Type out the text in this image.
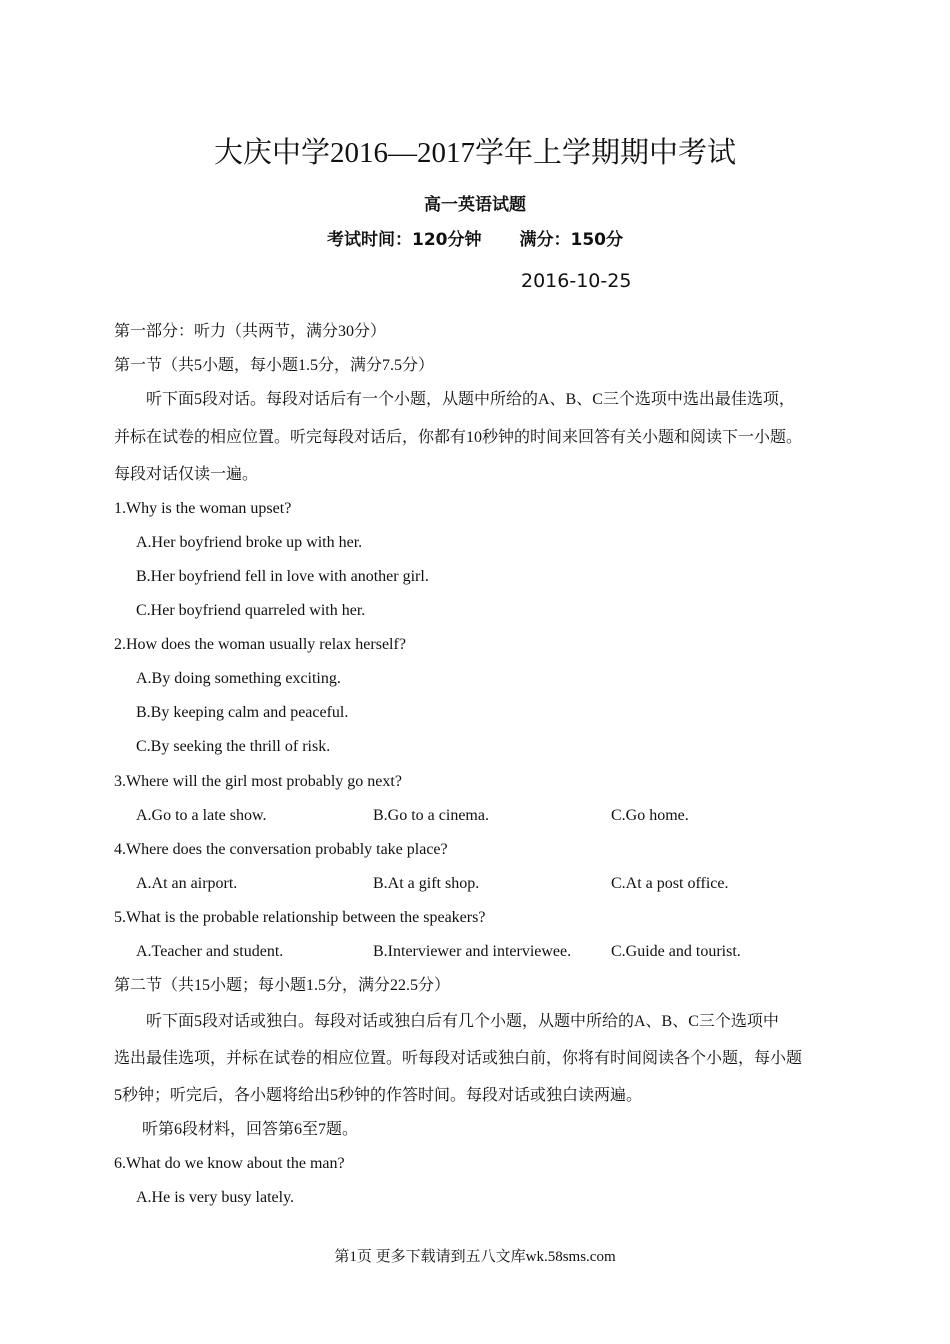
大庆中学2016—2017学年上学期期中考试
高一英语试题
考试时间：120分钟 满分：150分
2016-10-25
第一部分：听力（共两节，满分30分）
第一节（共5小题，每小题1.5分，满分7.5分）
听下面5段对话。每段对话后有一个小题，从题中所给的A、B、C三个选项中选出最佳选项，
并标在试卷的相应位置。听完每段对话后，你都有10秒钟的时间来回答有关小题和阅读下一小题。
每段对话仅读一遍。
1.Why is the woman upset?
A.Her boyfriend broke up with her.
B.Her boyfriend fell in love with another girl.
C.Her boyfriend quarreled with her.
2.How does the woman usually relax herself?
A.By doing something exciting.
B.By keeping calm and peaceful.
C.By seeking the thrill of risk.
3.Where will the girl most probably go next?
A.Go to a late show.	B.Go to a cinema.	C.Go home.
4.Where does the conversation probably take place?
A.At an airport.	B.At a gift shop.	C.At a post office.
5.What is the probable relationship between the speakers?
A.Teacher and student.	B.Interviewer and interviewee. C.Guide and tourist.
第二节（共15小题；每小题1.5分，满分22.5分）
听下面5段对话或独白。每段对话或独白后有几个小题，从题中所给的A、B、C三个选项中
选出最佳选项，并标在试卷的相应位置。听每段对话或独白前，你将有时间阅读各个小题，每小题
5秒钟；听完后，各小题将给出5秒钟的作答时间。每段对话或独白读两遍。
听第6段材料，回答第6至7题。
6.What do we know about the man?
A.He is very busy lately.
第1页 更多下载请到五八文库wk.58sms.com
